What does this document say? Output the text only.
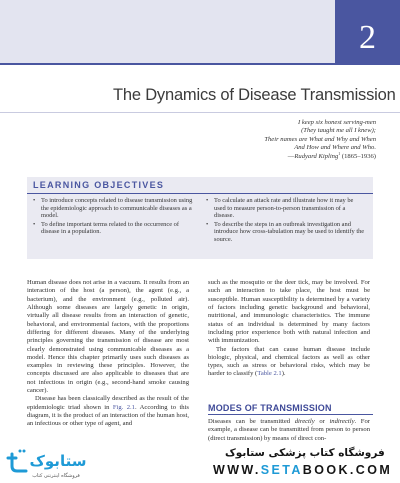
2
The Dynamics of Disease Transmission
I keep six honest serving-men
(They taught me all I knew);
Their names are What and Why and When
And How and Where and Who.
—Rudyard Kipling$^1$ (1865–1936)
LEARNING OBJECTIVES
• To introduce concepts related to disease transmission using the epidemiologic approach to communicable diseases as a model.
• To define important terms related to the occurrence of disease in a population.
• To calculate an attack rate and illustrate how it may be used to measure person-to-person transmission of a disease.
• To describe the steps in an outbreak investigation and introduce how cross-tabulation may be used to identify the source.

Human disease does not arise in a vacuum. It results from an interaction of the host (a person), the agent (e.g., a bacterium), and the environment (e.g., polluted air). Although some diseases are largely genetic in origin, virtually all disease results from an interaction of genetic, behavioral, and environmental factors, with the proportions differing for different diseases. Many of the underlying principles governing the transmission of disease are most clearly demonstrated using communicable diseases as a model. Hence this chapter primarily uses such diseases as examples in reviewing these principles. However, the concepts discussed are also applicable to diseases that are not infectious in origin (e.g., second-hand smoke causing cancer).

Disease has been classically described as the result of the epidemiologic triad shown in Fig. 2.1. According to this diagram, it is the product of an interaction of the human host, an infectious or other type of agent, and

such as the mosquito or the deer tick, may be involved. For such an interaction to take place, the host must be susceptible. Human susceptibility is determined by a variety of factors including genetic background and behavioral, nutritional, and immunologic characteristics. The immune status of an individual is determined by many factors including prior experience both with natural infection and with immunization.

The factors that can cause human disease include biologic, physical, and chemical factors as well as other types, such as stress or behavioral risks, which may be harder to classify (Table 2.1).

MODES OF TRANSMISSION

Diseases can be transmitted directly or indirectly. For example, a disease can be transmitted from person to person (direct transmission) by means of direct con-

ستابوک
فروشگاه اینترنتی کتاب
فروشگاه کتاب پزشکی ستابوک
WWW.SETABOOK.COM
